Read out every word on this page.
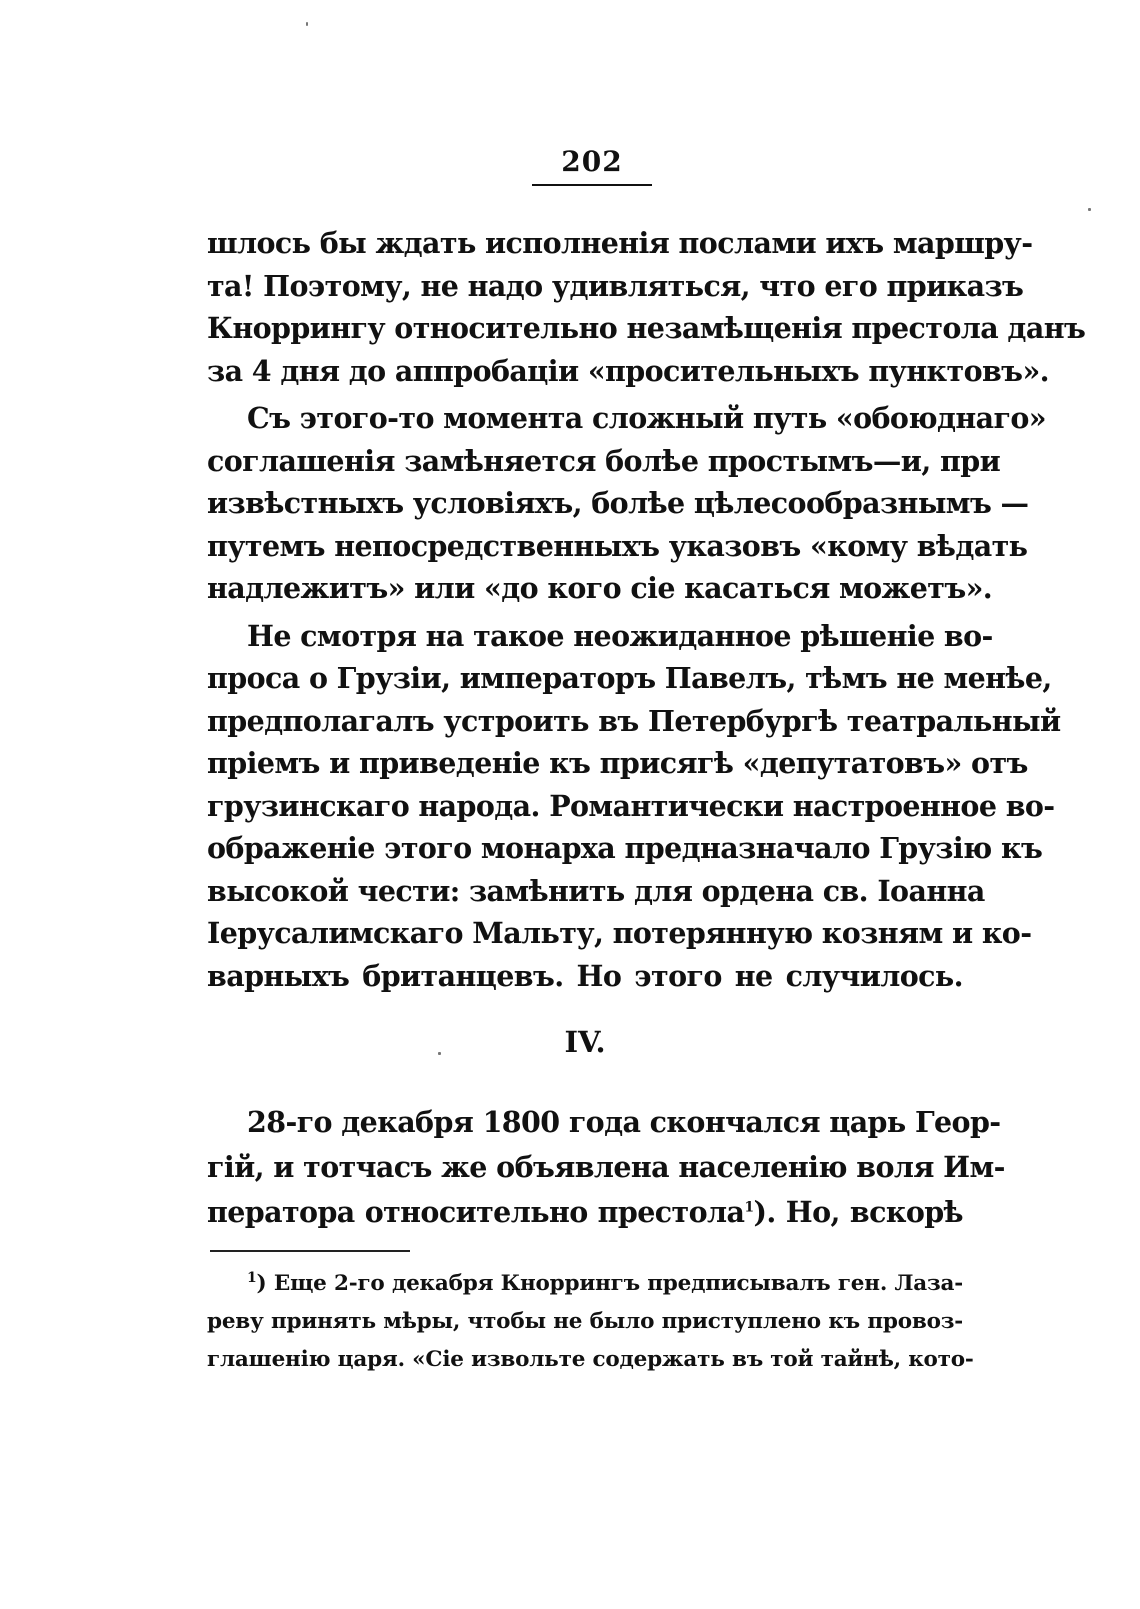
202
шлось бы ждать исполненія послами ихъ маршру-
та! Поэтому, не надо удивляться, что его приказъ
Кноррингу относительно незамѣщенія престола данъ
за 4 дня до аппробаціи «просительныхъ пунктовъ».
Съ этого-то момента сложный путь «обоюднаго»
соглашенія замѣняется болѣе простымъ—и, при
извѣстныхъ условіяхъ, болѣе цѣлесообразнымъ —
путемъ непосредственныхъ указовъ «кому вѣдать
надлежитъ» или «до кого сіе касаться можетъ».
Не смотря на такое неожиданное рѣшеніе во-
проса о Грузіи, императоръ Павелъ, тѣмъ не менѣе,
предполагалъ устроить въ Петербургѣ театральный
пріемъ и приведеніе къ присягѣ «депутатовъ» отъ
грузинскаго народа. Романтически настроенное во-
ображеніе этого монарха предназначало Грузію къ
высокой чести: замѣнить для ордена св. Іоанна
Іерусалимскаго Мальту, потерянную козням и ко-
варныхъ британцевъ. Но этого не случилось.
IV.
28-го декабря 1800 года скончался царь Геор-
гій, и тотчасъ же объявлена населенію воля Им-
ператора относительно престола$^1$). Но, вскорѣ
$^1$) Еще 2-го декабря Кноррингъ предписывалъ ген. Лаза-
реву принять мѣры, чтобы не было приступлено къ провоз-
глашенію царя. «Сіе извольте содержать въ той тайнѣ, кото-
